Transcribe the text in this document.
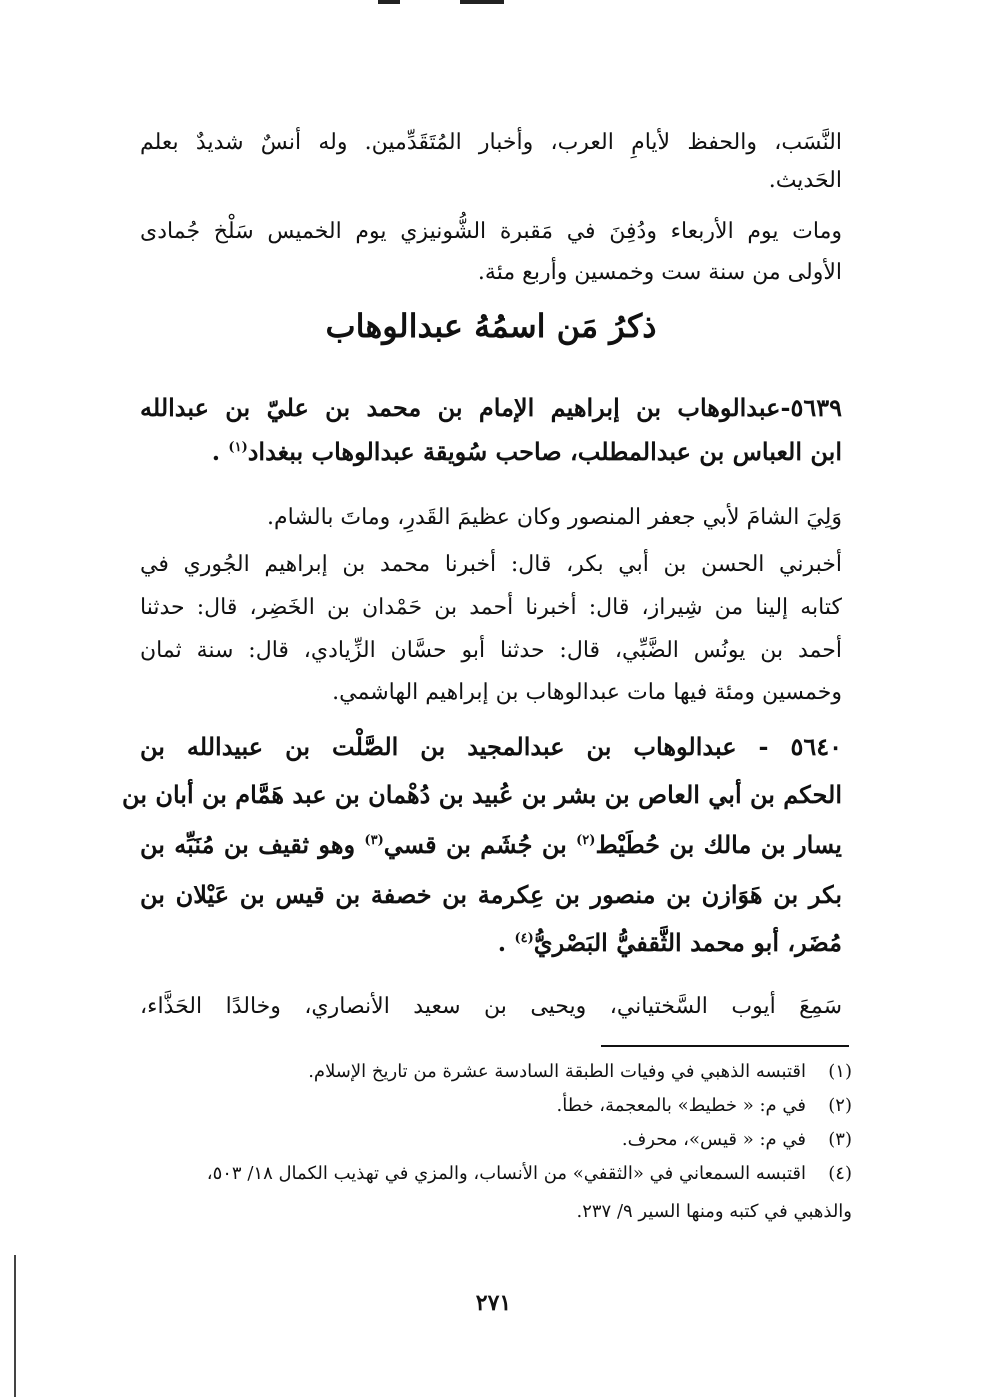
النَّسَب، والحفظ لأيامِ العرب، وأخبار المُتَقَدِّمين. وله أنسٌ شديدٌ بعلم
الحَديث.
ومات يوم الأربعاء ودُفِنَ في مَقبرة الشُّونيزي يوم الخميس سَلْخ جُمادى
الأولى من سنة ست وخمسين وأربع مئة.
ذكرُ مَن اسمُهُ عبدالوهاب
٥٦٣٩-عبدالوهاب بن إبراهيم الإمام بن محمد بن عليّ بن عبدالله
ابن العباس بن عبدالمطلب، صاحب سُويقة عبدالوهاب ببغداد$^{(١)}$ .
وَلِيَ الشامَ لأبي جعفر المنصور وكان عظيمَ القَدرِ، وماتَ بالشام.
أخبرني الحسن بن أبي بكر، قال: أخبرنا محمد بن إبراهيم الجُوري في
كتابه إلينا من شِيراز، قال: أخبرنا أحمد بن حَمْدان بن الخَضِر، قال: حدثنا
أحمد بن يونُس الضَّبِّي، قال: حدثنا أبو حسَّان الزِّيادي، قال: سنة ثمان
وخمسين ومئة فيها مات عبدالوهاب بن إبراهيم الهاشمي.
٥٦٤٠ - عبدالوهاب بن عبدالمجيد بن الصَّلْت بن عبيدالله بن
الحكم بن أبي العاص بن بشر بن عُبيد بن دُهْمان بن عبد هَمَّام بن أبان بن
يسار بن مالك بن حُطَيْط$^{(٢)}$ بن جُشَم بن قسي$^{(٣)}$ وهو ثقيف بن مُنَبِّه بن
بكر بن هَوَازن بن منصور بن عِكرمة بن خصفة بن قيس بن عَيْلان بن
مُضَر، أبو محمد الثَّقفيُّ البَصْريُّ$^{(٤)}$ .
سَمِعَ أيوب السَّختياني، ويحيى بن سعيد الأنصاري، وخالدًا الحَذَّاء،
(١)اقتبسه الذهبي في وفيات الطبقة السادسة عشرة من تاريخ الإسلام.
(٢)في م: « خطيط» بالمعجمة، خطأ.
(٣)في م: « قيس»، محرف.
(٤)اقتبسه السمعاني في «الثقفي» من الأنساب، والمزي في تهذيب الكمال ١٨/ ٥٠٣،
والذهبي في كتبه ومنها السير ٩/ ٢٣٧.
٢٧١
